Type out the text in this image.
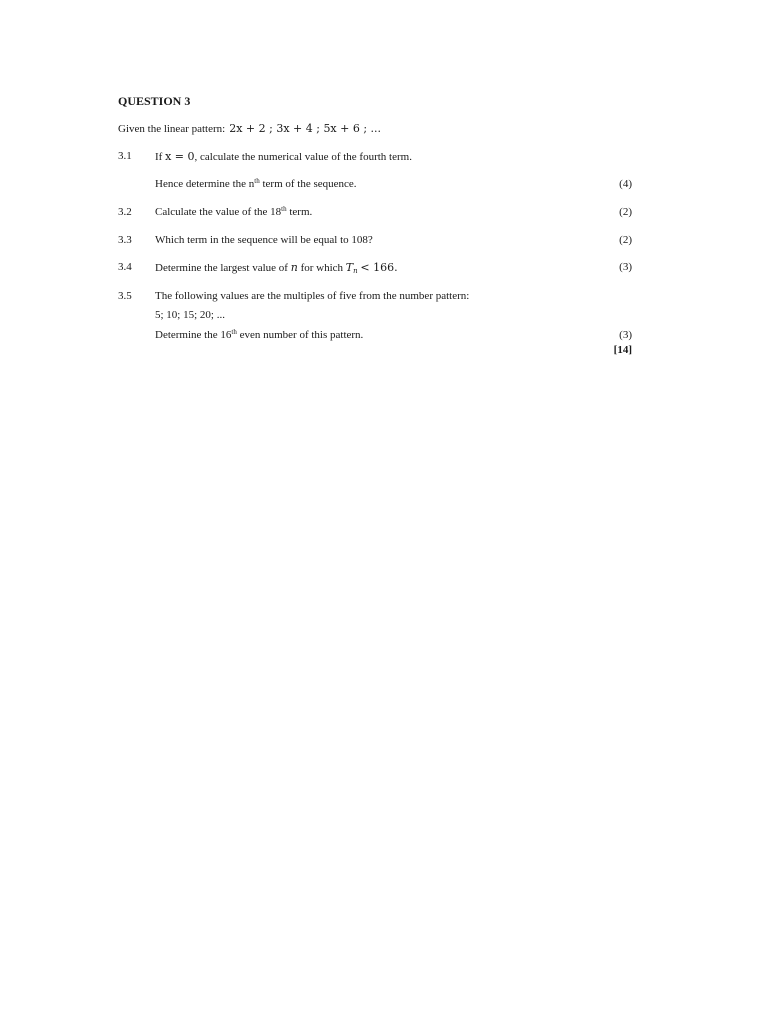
QUESTION 3
Given the linear pattern: 2x + 2 ; 3x + 4 ; 5x + 6 ; ...
3.1 If x = 0, calculate the numerical value of the fourth term.
Hence determine the $n^{th}$ term of the sequence.	(4)
3.2 Calculate the value of the 18th term.	(2)
3.3 Which term in the sequence will be equal to 108?	(2)
3.4 Determine the largest value of n for which $T_n < 166$.	(3)
3.5 The following values are the multiples of five from the number pattern:
5; 10; 15; 20; ...
Determine the 16th even number of this pattern.	(3)
[14]
